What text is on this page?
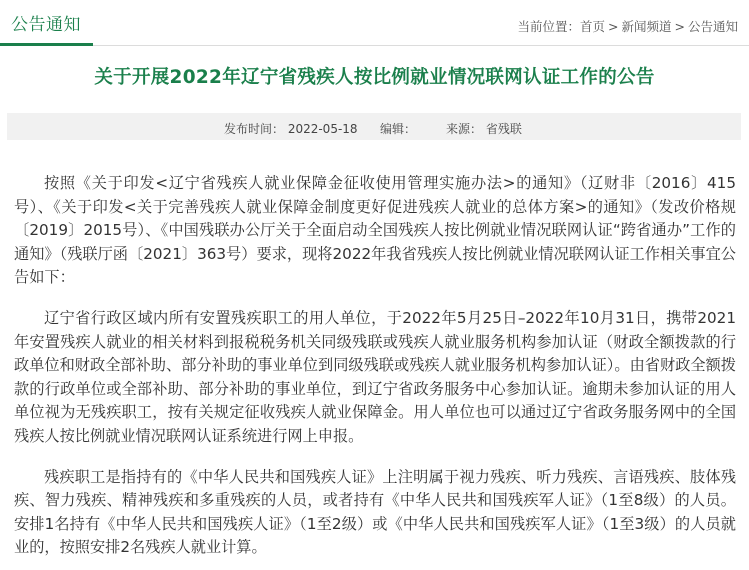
公告通知	当前位置：首页 > 新闻频道 > 公告通知
关于开展2022年辽宁省残疾人按比例就业情况联网认证工作的公告
发布时间： 2022-05-18 编辑： 来源： 省残联

按照《关于印发<辽宁省残疾人就业保障金征收使用管理实施办法>的通知》（辽财非〔2016〕415号）、《关于印发<关于完善残疾人就业保障金制度更好促进残疾人就业的总体方案>的通知》（发改价格规〔2019〕2015号）、《中国残联办公厅关于全面启动全国残疾人按比例就业情况联网认证“跨省通办”工作的通知》（残联厅函〔2021〕363号）要求，现将2022年我省残疾人按比例就业情况联网认证工作相关事宜公告如下：

辽宁省行政区域内所有安置残疾职工的用人单位，于2022年5月25日–2022年10月31日，携带2021年安置残疾人就业的相关材料到报税税务机关同级残联或残疾人就业服务机构参加认证（财政全额拨款的行政单位和财政全部补助、部分补助的事业单位到同级残联或残疾人就业服务机构参加认证）。由省财政全额拨款的行政单位或全部补助、部分补助的事业单位，到辽宁省政务服务中心参加认证。逾期未参加认证的用人单位视为无残疾职工，按有关规定征收残疾人就业保障金。用人单位也可以通过辽宁省政务服务网中的全国残疾人按比例就业情况联网认证系统进行网上申报。

残疾职工是指持有的《中华人民共和国残疾人证》上注明属于视力残疾、听力残疾、言语残疾、肢体残疾、智力残疾、精神残疾和多重残疾的人员，或者持有《中华人民共和国残疾军人证》（1至8级）的人员。安排1名持有《中华人民共和国残疾人证》（1至2级）或《中华人民共和国残疾军人证》（1至3级）的人员就业的，按照安排2名残疾人就业计算。
